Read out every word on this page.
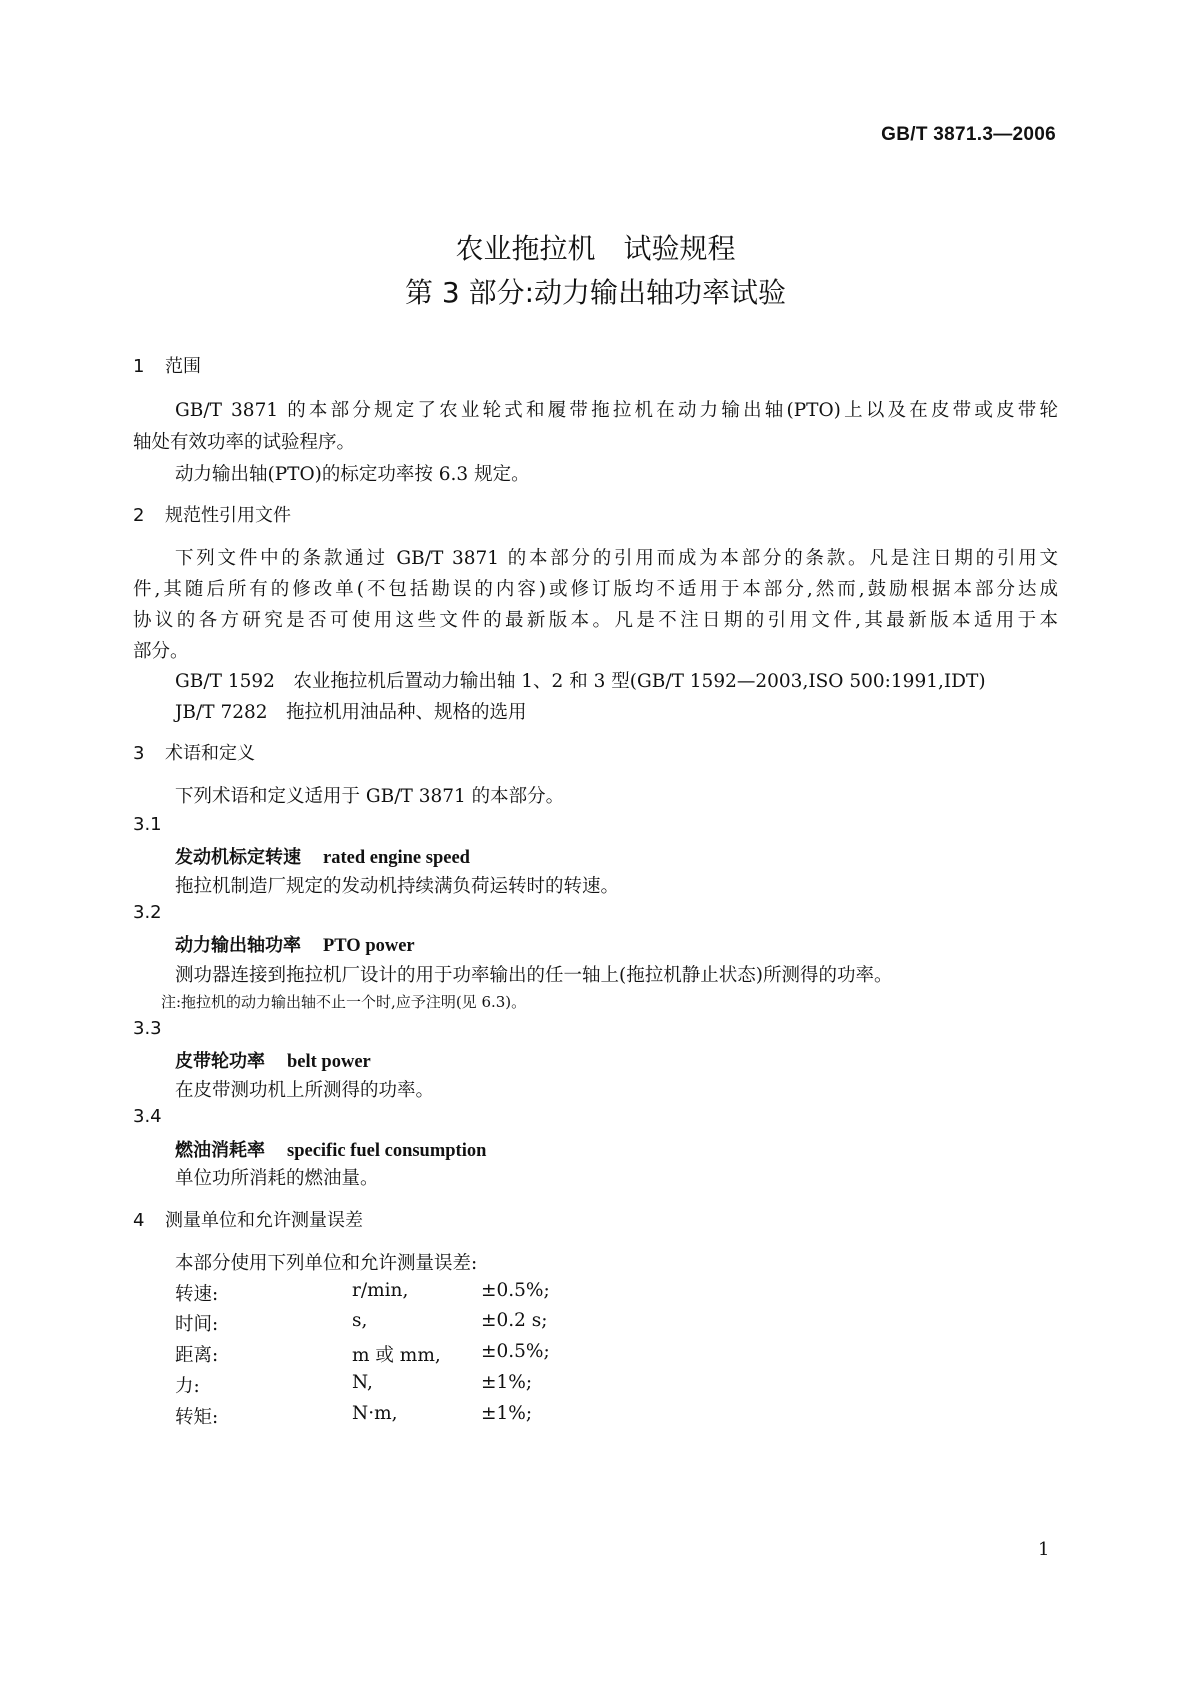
GB/T 3871.3—2006
农业拖拉机　试验规程
第 3 部分:动力输出轴功率试验
1 范围
GB/T 3871 的本部分规定了农业轮式和履带拖拉机在动力输出轴(PTO)上以及在皮带或皮带轮
轴处有效功率的试验程序。
动力输出轴(PTO)的标定功率按 6.3 规定。
2 规范性引用文件
下列文件中的条款通过 GB/T 3871 的本部分的引用而成为本部分的条款。凡是注日期的引用文
件,其随后所有的修改单(不包括勘误的内容)或修订版均不适用于本部分,然而,鼓励根据本部分达成
协议的各方研究是否可使用这些文件的最新版本。凡是不注日期的引用文件,其最新版本适用于本
部分。
GB/T 1592　农业拖拉机后置动力输出轴 1、2 和 3 型(GB/T 1592—2003,ISO 500:1991,IDT)
JB/T 7282　拖拉机用油品种、规格的选用
3 术语和定义
下列术语和定义适用于 GB/T 3871 的本部分。
3.1
发动机标定转速 rated engine speed
拖拉机制造厂规定的发动机持续满负荷运转时的转速。
3.2
动力输出轴功率 PTO power
测功器连接到拖拉机厂设计的用于功率输出的任一轴上(拖拉机静止状态)所测得的功率。
注:拖拉机的动力输出轴不止一个时,应予注明(见 6.3)。
3.3
皮带轮功率 belt power
在皮带测功机上所测得的功率。
3.4
燃油消耗率 specific fuel consumption
单位功所消耗的燃油量。
4 测量单位和允许测量误差
本部分使用下列单位和允许测量误差:
转速:	r/min,	±0.5%;
时间:	s,	±0.2 s;
距离:	m 或 mm, ±0.5%;
力:	N,	±1%;
转矩:	N·m,	±1%;
1
